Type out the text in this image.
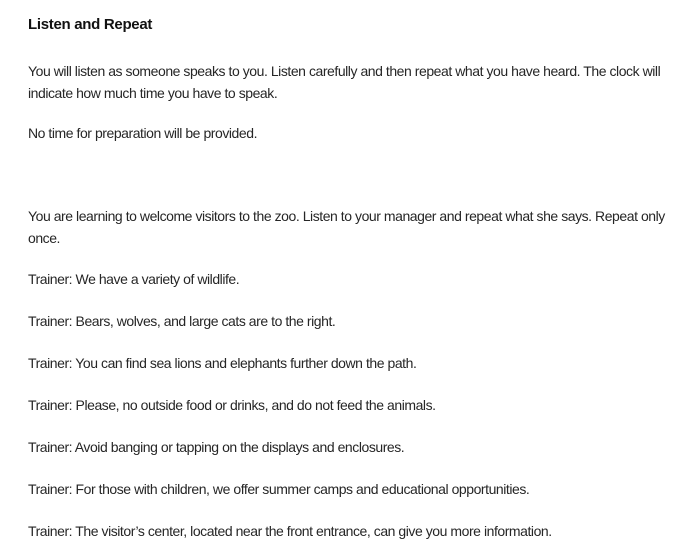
Listen and Repeat

You will listen as someone speaks to you. Listen carefully and then repeat what you have heard. The clock will indicate how much time you have to speak.

No time for preparation will be provided.

You are learning to welcome visitors to the zoo. Listen to your manager and repeat what she says. Repeat only once.

Trainer: We have a variety of wildlife.

Trainer: Bears, wolves, and large cats are to the right.

Trainer: You can find sea lions and elephants further down the path.

Trainer: Please, no outside food or drinks, and do not feed the animals.

Trainer: Avoid banging or tapping on the displays and enclosures.

Trainer: For those with children, we offer summer camps and educational opportunities.

Trainer: The visitor’s center, located near the front entrance, can give you more information.
